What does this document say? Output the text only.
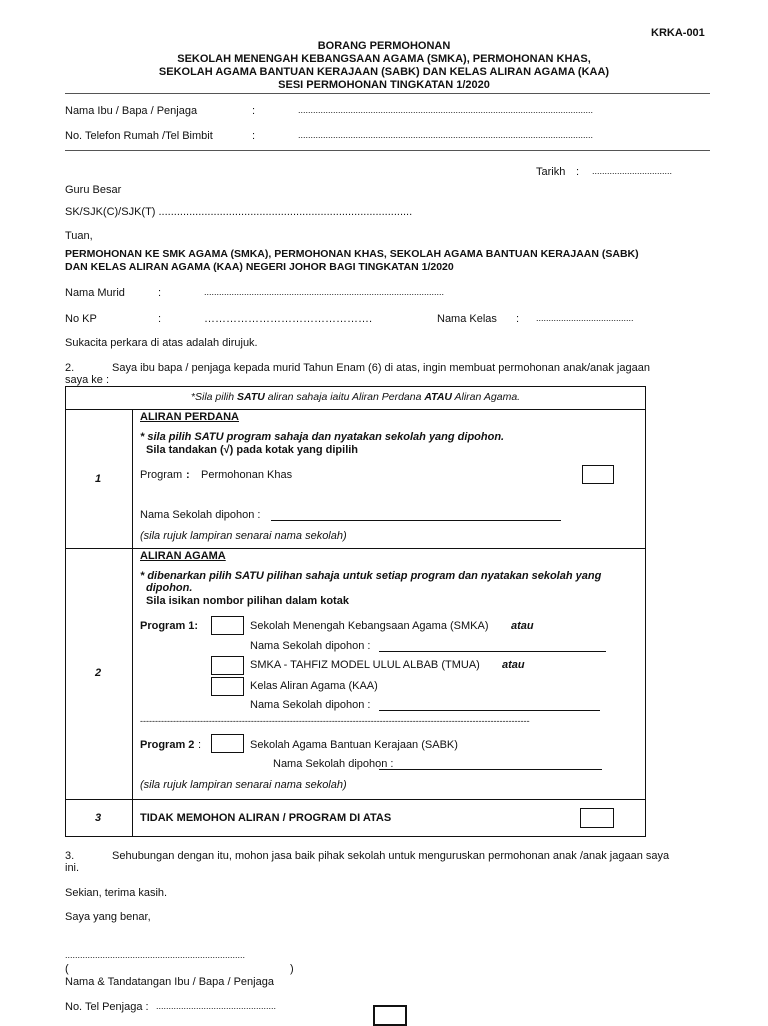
KRKA-001
BORANG PERMOHONAN
SEKOLAH MENENGAH KEBANGSAAN AGAMA (SMKA), PERMOHONAN KHAS,
SEKOLAH AGAMA BANTUAN KERAJAAN (SABK) DAN KELAS ALIRAN AGAMA (KAA)
SESI PERMOHONAN TINGKATAN 1/2020
Nama Ibu / Bapa / Penjaga	:	......................................................................................................................
No. Telefon Rumah /Tel Bimbit	:	......................................................................................................................
Tarikh : ................................
Guru Besar
SK/SJK(C)/SJK(T) ...................................................................................
Tuan,
PERMOHONAN KE SMK AGAMA (SMKA), PERMOHONAN KHAS, SEKOLAH AGAMA BANTUAN KERAJAAN (SABK)
DAN KELAS ALIRAN AGAMA (KAA) NEGERI JOHOR BAGI TINGKATAN 1/2020
Nama Murid	:	................................................................................................
No KP	:	……………………………………….	Nama Kelas : .......................................
Sukacita perkara di atas adalah dirujuk.
2.	Saya ibu bapa / penjaga kepada murid Tahun Enam (6) di atas, ingin membuat permohonan anak/anak jagaan
saya ke :
*Sila pilih SATU aliran sahaja iaitu Aliran Perdana ATAU Aliran Agama.
1
ALIRAN PERDANA
* sila pilih SATU program sahaja dan nyatakan sekolah yang dipohon.
Sila tandakan (√) pada kotak yang dipilih
Program : Permohonan Khas
Nama Sekolah dipohon :
(sila rujuk lampiran senarai nama sekolah)
2
ALIRAN AGAMA
* dibenarkan pilih SATU pilihan sahaja untuk setiap program dan nyatakan sekolah yang
dipohon.
Sila isikan nombor pilihan dalam kotak
Program 1:	Sekolah Menengah Kebangsaan Agama (SMKA) atau
Nama Sekolah dipohon :
SMKA - TAHFIZ MODEL ULUL ALBAB (TMUA) atau
Kelas Aliran Agama (KAA)
Nama Sekolah dipohon :
----------------------------------------------------------------------------------------------------------------------------------
Program 2 :	Sekolah Agama Bantuan Kerajaan (SABK)
Nama Sekolah dipohon :
(sila rujuk lampiran senarai nama sekolah)
3	TIDAK MEMOHON ALIRAN / PROGRAM DI ATAS
3.	Sehubungan dengan itu, mohon jasa baik pihak sekolah untuk menguruskan permohonan anak /anak jagaan saya
ini.
Sekian, terima kasih.
Saya yang benar,
........................................................................
(	)
Nama & Tandatangan Ibu / Bapa / Penjaga
No. Tel Penjaga : ................................................
